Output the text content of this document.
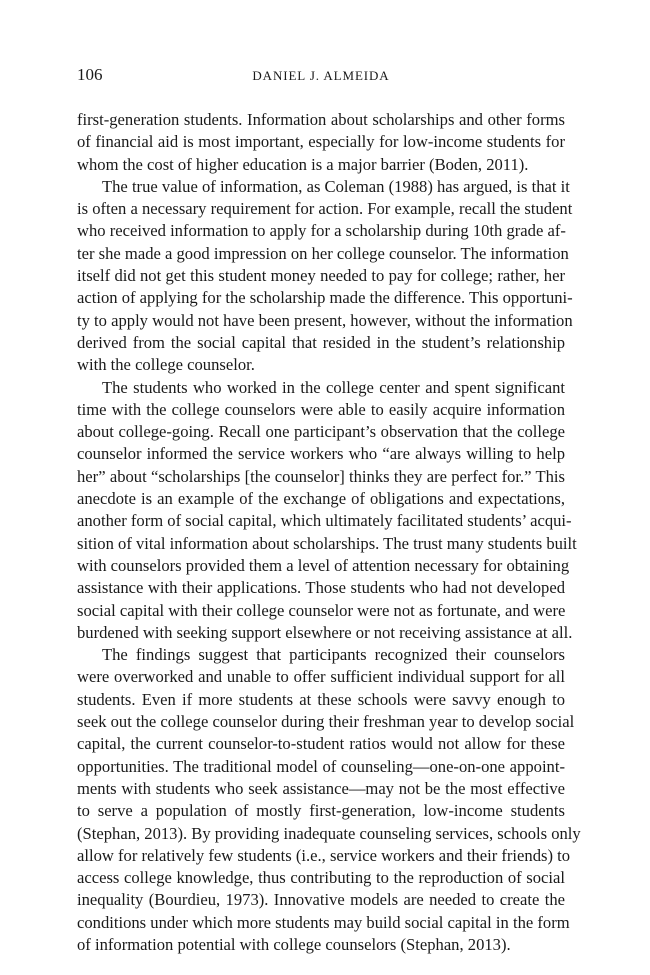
106	DANIEL J. ALMEIDA
first-generation students. Information about scholarships and other forms
of financial aid is most important, especially for low-income students for
whom the cost of higher education is a major barrier (Boden, 2011).
The true value of information, as Coleman (1988) has argued, is that it
is often a necessary requirement for action. For example, recall the student
who received information to apply for a scholarship during 10th grade af-
ter she made a good impression on her college counselor. The information
itself did not get this student money needed to pay for college; rather, her
action of applying for the scholarship made the difference. This opportuni-
ty to apply would not have been present, however, without the information
derived from the social capital that resided in the student’s relationship
with the college counselor.
The students who worked in the college center and spent significant
time with the college counselors were able to easily acquire information
about college-going. Recall one participant’s observation that the college
counselor informed the service workers who “are always willing to help
her” about “scholarships [the counselor] thinks they are perfect for.” This
anecdote is an example of the exchange of obligations and expectations,
another form of social capital, which ultimately facilitated students’ acqui-
sition of vital information about scholarships. The trust many students built
with counselors provided them a level of attention necessary for obtaining
assistance with their applications. Those students who had not developed
social capital with their college counselor were not as fortunate, and were
burdened with seeking support elsewhere or not receiving assistance at all.
The findings suggest that participants recognized their counselors
were overworked and unable to offer sufficient individual support for all
students. Even if more students at these schools were savvy enough to
seek out the college counselor during their freshman year to develop social
capital, the current counselor-to-student ratios would not allow for these
opportunities. The traditional model of counseling—one-on-one appoint-
ments with students who seek assistance—may not be the most effective
to serve a population of mostly first-generation, low-income students
(Stephan, 2013). By providing inadequate counseling services, schools only
allow for relatively few students (i.e., service workers and their friends) to
access college knowledge, thus contributing to the reproduction of social
inequality (Bourdieu, 1973). Innovative models are needed to create the
conditions under which more students may build social capital in the form
of information potential with college counselors (Stephan, 2013).
